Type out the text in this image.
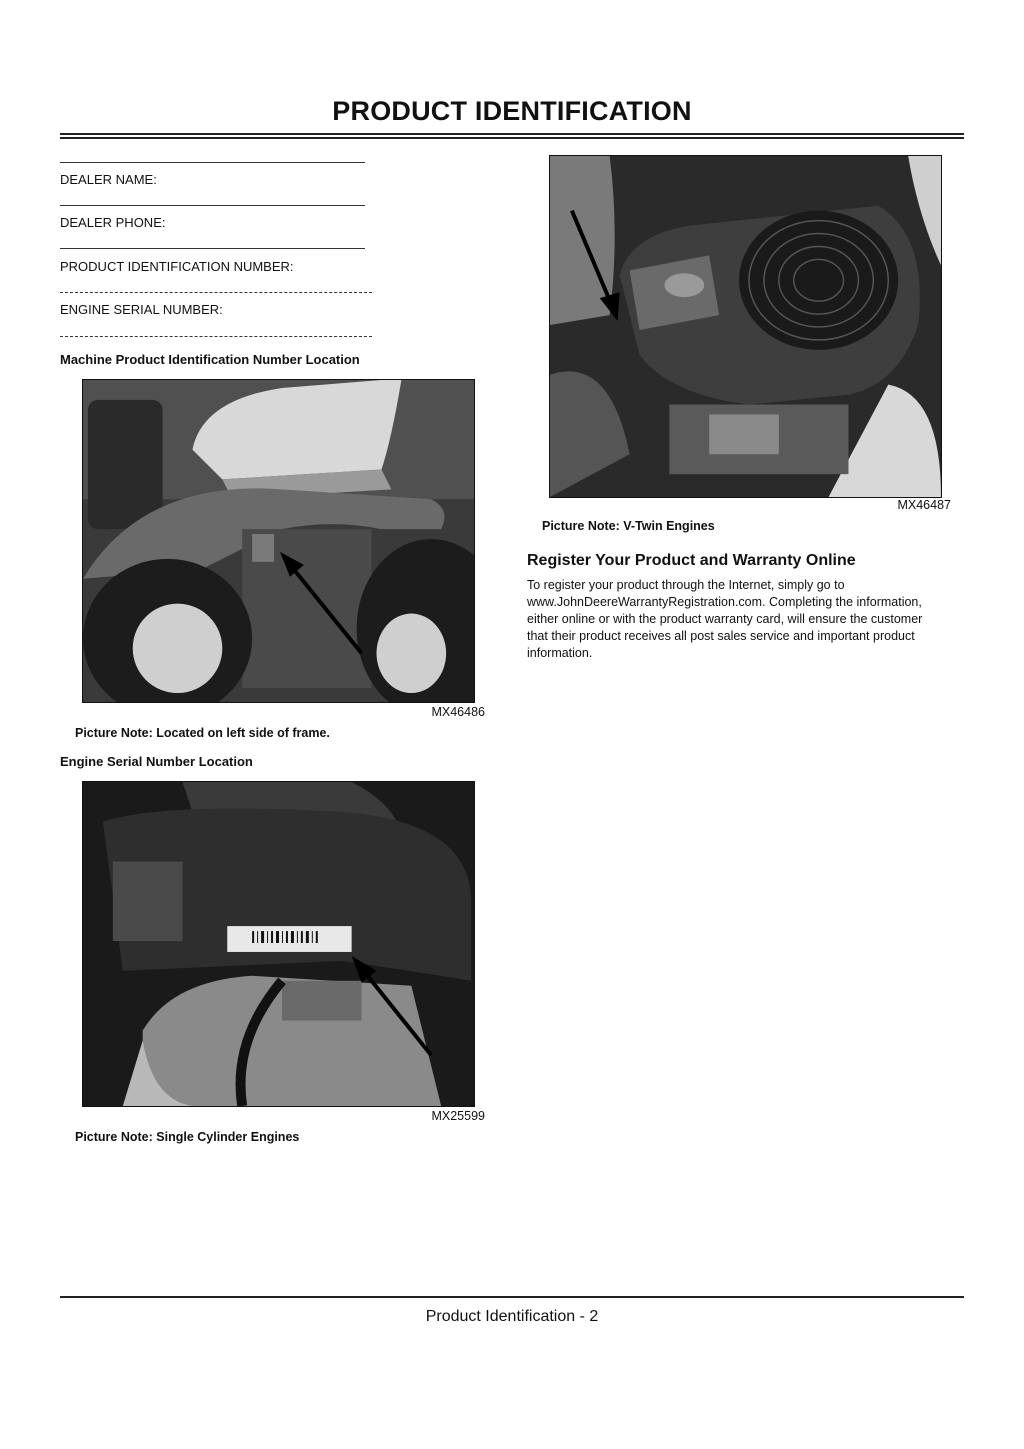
PRODUCT IDENTIFICATION
DEALER NAME:
DEALER PHONE:
PRODUCT IDENTIFICATION NUMBER:
ENGINE SERIAL NUMBER:
Machine Product Identification Number Location
MX46486
Picture Note: Located on left side of frame.
Engine Serial Number Location
MX25599
Picture Note: Single Cylinder Engines
MX46487
Picture Note: V-Twin Engines
Register Your Product and Warranty Online
To register your product through the Internet, simply go to
www.JohnDeereWarrantyRegistration.com. Completing the information,
either online or with the product warranty card, will ensure the customer
that their product receives all post sales service and important product
information.
Product Identification - 2
